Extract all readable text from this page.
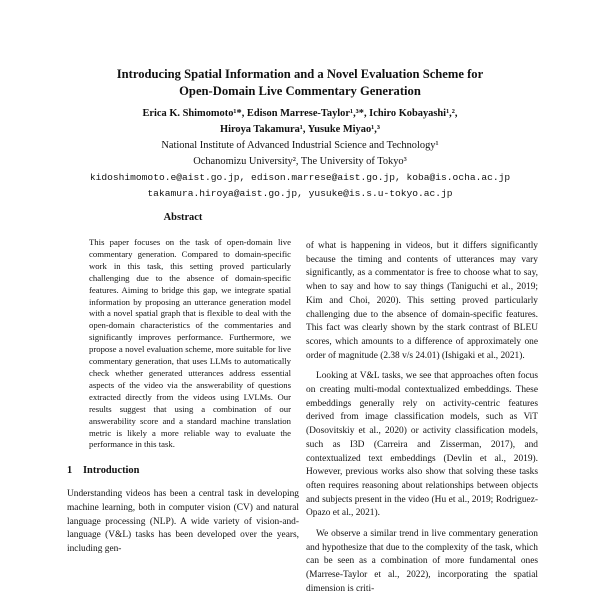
Introducing Spatial Information and a Novel Evaluation Scheme for
Open-Domain Live Commentary Generation
Erica K. Shimomoto¹*, Edison Marrese-Taylor¹,³*, Ichiro Kobayashi¹,²,
Hiroya Takamura¹, Yusuke Miyao¹,³
National Institute of Advanced Industrial Science and Technology¹
Ochanomizu University², The University of Tokyo³
kidoshimomoto.e@aist.go.jp, edison.marrese@aist.go.jp, koba@is.ocha.ac.jp
takamura.hiroya@aist.go.jp, yusuke@is.s.u-tokyo.ac.jp
Abstract

This paper focuses on the task of open-domain live commentary generation. Compared to domain-specific work in this task, this setting proved particularly challenging due to the absence of domain-specific features. Aiming to bridge this gap, we integrate spatial information by proposing an utterance generation model with a novel spatial graph that is flexible to deal with the open-domain characteristics of the commentaries and significantly improves performance. Furthermore, we propose a novel evaluation scheme, more suitable for live commentary generation, that uses LLMs to automatically check whether generated utterances address essential aspects of the video via the answerability of questions extracted directly from the videos using LVLMs. Our results suggest that using a combination of our answerability score and a standard machine translation metric is likely a more reliable way to evaluate the performance in this task.

1 Introduction

Understanding videos has been a central task in developing machine learning, both in computer vision (CV) and natural language processing (NLP). A wide variety of vision-and-language (V&L) tasks has been developed over the years, including gen-

of what is happening in videos, but it differs significantly because the timing and contents of utterances may vary significantly, as a commentator is free to choose what to say, when to say and how to say things (Taniguchi et al., 2019; Kim and Choi, 2020). This setting proved particularly challenging due to the absence of domain-specific features. This fact was clearly shown by the stark contrast of BLEU scores, which amounts to a difference of approximately one order of magnitude (2.38 v/s 24.01) (Ishigaki et al., 2021).

Looking at V&L tasks, we see that approaches often focus on creating multi-modal contextualized embeddings. These embeddings generally rely on activity-centric features derived from image classification models, such as ViT (Dosovitskiy et al., 2020) or activity classification models, such as I3D (Carreira and Zisserman, 2017), and contextualized text embeddings (Devlin et al., 2019). However, previous works also show that solving these tasks often requires reasoning about relationships between objects and subjects present in the video (Hu et al., 2019; Rodriguez-Opazo et al., 2021).

We observe a similar trend in live commentary generation and hypothesize that due to the complexity of the task, which can be seen as a combination of more fundamental ones (Marrese-Taylor et al., 2022), incorporating the spatial dimension is criti-
